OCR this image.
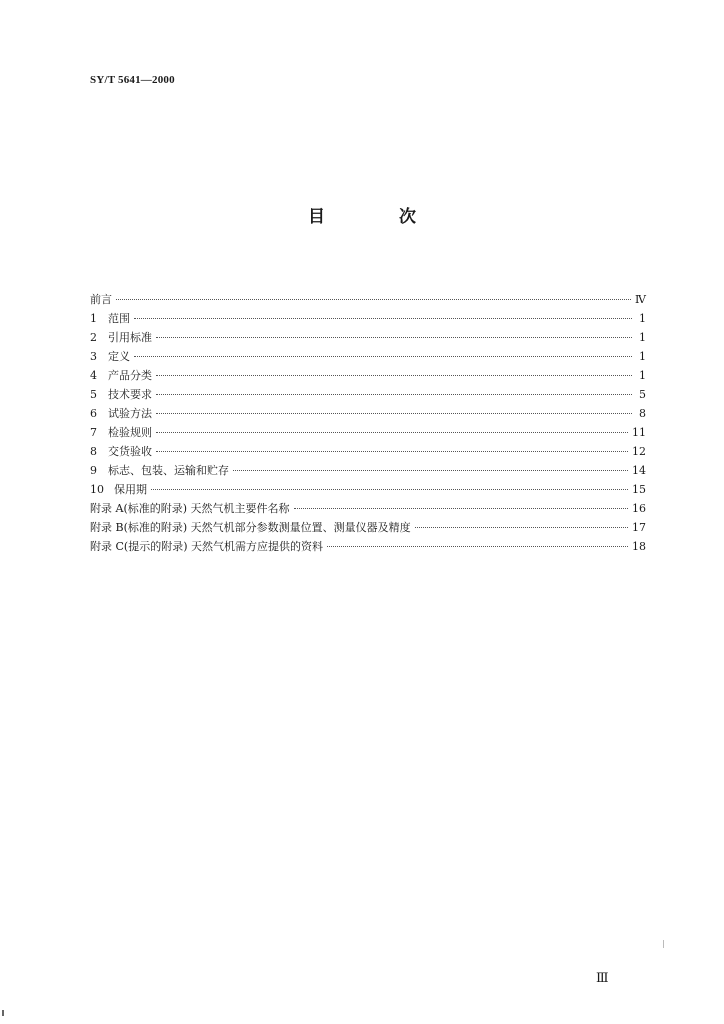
SY/T 5641—2000
目 次
前言	Ⅳ
1	范围	1
2	引用标准	1
3	定义	1
4	产品分类	1
5	技术要求	5
6	试验方法	8
7	检验规则	11
8	交货验收	12
9	标志、包装、运输和贮存	14
10 保用期	15
附录 A(标准的附录) 天然气机主要件名称	16
附录 B(标准的附录) 天然气机部分参数测量位置、测量仪器及精度	17
附录 C(提示的附录) 天然气机需方应提供的资料	18
Ⅲ
